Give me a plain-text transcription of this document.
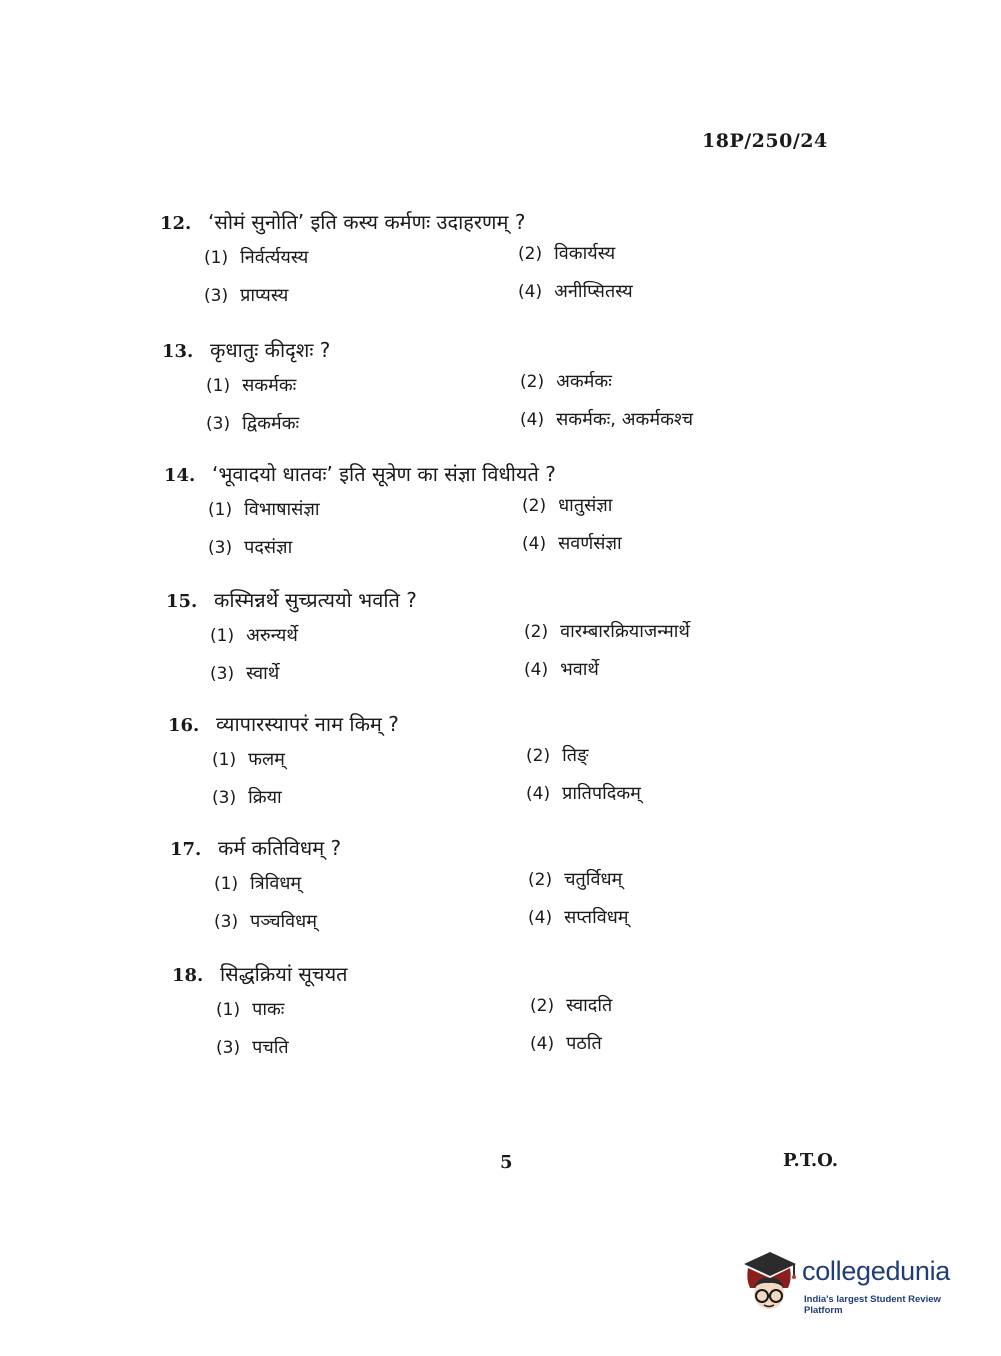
18P/250/24
12. ‘सोमं सुनोति’ इति कस्य कर्मणः उदाहरणम् ?
(1) निर्वर्त्ययस्य	(2) विकार्यस्य
(3) प्राप्यस्य	(4) अनीप्सितस्य
13. कृधातुः कीदृशः ?
(1) सकर्मकः	(2) अकर्मकः
(3) द्विकर्मकः	(4) सकर्मकः, अकर्मकश्च
14. ‘भूवादयो धातवः’ इति सूत्रेण का संज्ञा विधीयते ?
(1) विभाषासंज्ञा	(2) धातुसंज्ञा
(3) पदसंज्ञा	(4) सवर्णसंज्ञा
15. कस्मिन्नर्थे सुच्प्रत्ययो भवति ?
(1) अरुन्यर्थे	(2) वारम्बारक्रियाजन्मार्थे
(3) स्वार्थे	(4) भवार्थे
16. व्यापारस्यापरं नाम किम् ?
(1) फलम्	(2) तिङ्
(3) क्रिया	(4) प्रातिपदिकम्
17. कर्म कतिविधम् ?
(1) त्रिविधम्	(2) चतुर्विधम्
(3) पञ्चविधम्	(4) सप्तविधम्
18. सिद्धक्रियां सूचयत
(1) पाकः	(2) स्वादति
(3) पचति	(4) पठति
5	P.T.O.
collegedunia
India's largest Student Review Platform
